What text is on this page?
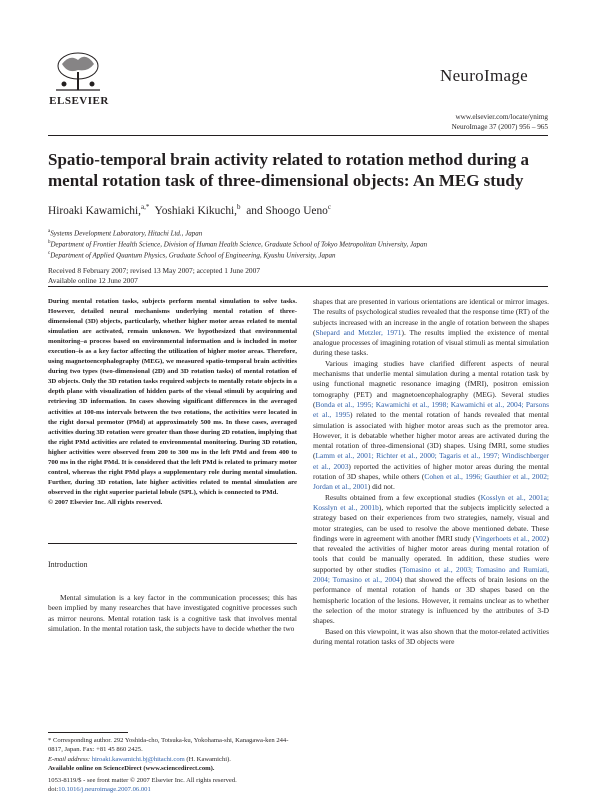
ELSEVIER
NeuroImage
www.elsevier.com/locate/ynimg
NeuroImage 37 (2007) 956 – 965
Spatio-temporal brain activity related to rotation method during a mental rotation task of three-dimensional objects: An MEG study
Hiroaki Kawamichi,$^{a,*}$ Yoshiaki Kikuchi,$^b$ and Shoogo Ueno$^c$
$^a$Systems Development Laboratory, Hitachi Ltd., Japan
$^b$Department of Frontier Health Science, Division of Human Health Science, Graduate School of Tokyo Metropolitan University, Japan
$^c$Department of Applied Quantum Physics, Graduate School of Engineering, Kyushu University, Japan
Received 8 February 2007; revised 13 May 2007; accepted 1 June 2007
Available online 12 June 2007

During mental rotation tasks, subjects perform mental simulation to solve tasks. However, detailed neural mechanisms underlying mental rotation of three-dimensional (3D) objects, particularly, whether higher motor areas related to mental simulation are activated, remain unknown. We hypothesized that environmental monitoring–a process based on environmental information and is included in motor execution–is as a key factor affecting the utilization of higher motor areas. Therefore, using magnetoencephalography (MEG), we measured spatio-temporal brain activities during two types (two-dimensional (2D) and 3D rotation tasks) of mental rotation of 3D objects. Only the 3D rotation tasks required subjects to mentally rotate objects in a depth plane with visualization of hidden parts of the visual stimuli by acquiring and retrieving 3D information. In cases showing significant differences in the averaged activities at 100-ms intervals between the two rotations, the activities were located in the right dorsal premotor (PMd) at approximately 500 ms. In these cases, averaged activities during 3D rotation were greater than those during 2D rotation, implying that the right PMd activities are related to environmental monitoring. During 3D rotation, higher activities were observed from 200 to 300 ms in the left PMd and from 400 to 700 ms in the right PMd. It is considered that the left PMd is related to primary motor control, whereas the right PMd plays a supplementary role during mental simulation. Further, during 3D rotation, late higher activities related to mental simulation are observed in the right superior parietal lobule (SPL), which is connected to PMd.

© 2007 Elsevier Inc. All rights reserved.

Introduction

Mental simulation is a key factor in the communication processes; this has been implied by many researches that have investigated cognitive processes such as mirror neurons. Mental rotation task is a cognitive task that involves mental simulation. In the mental rotation task, the subjects have to decide whether the two

shapes that are presented in various orientations are identical or mirror images. The results of psychological studies revealed that the response time (RT) of the subjects increased with an increase in the angle of rotation between the shapes (Shepard and Metzler, 1971). The results implied the existence of mental analogue processes of imagining rotation of visual stimuli as mental simulation during these tasks.

Various imaging studies have clarified different aspects of neural mechanisms that underlie mental simulation during a mental rotation task by using functional magnetic resonance imaging (fMRI), positron emission tomography (PET) and magnetoencephalography (MEG). Several studies (Bonda et al., 1995; Kawamichi et al., 1998; Kawamichi et al., 2004; Parsons et al., 1995) related to the mental rotation of hands revealed that mental simulation is associated with higher motor areas such as the premotor area. However, it is debatable whether higher motor areas are activated during the mental rotation of three-dimensional (3D) shapes. Using fMRI, some studies (Lamm et al., 2001; Richter et al., 2000; Tagaris et al., 1997; Windischberger et al., 2003) reported the activities of higher motor areas during the mental rotation of 3D shapes, while others (Cohen et al., 1996; Gauthier et al., 2002; Jordan et al., 2001) did not.

Results obtained from a few exceptional studies (Kosslyn et al., 2001a; Kosslyn et al., 2001b), which reported that the subjects implicitly selected a strategy based on their experiences from two strategies, namely, visual and motor strategies, can be used to resolve the above mentioned debate. These findings were in agreement with another fMRI study (Vingerhoets et al., 2002) that revealed the activities of higher motor areas during mental rotation of tools that could be manually operated. In addition, these studies were supported by other studies (Tomasino et al., 2003; Tomasino and Rumiati, 2004; Tomasino et al., 2004) that showed the effects of brain lesions on the performance of mental rotation of hands or 3D shapes based on the hemispheric location of the lesions. However, it remains unclear as to whether the selection of the motor strategy is influenced by the attributes of 3-D shapes.

Based on this viewpoint, it was also shown that the motor-related activities during mental rotation tasks of 3D objects were

* Corresponding author. 292 Yoshida-cho, Totsuka-ku, Yokohama-shi, Kanagawa-ken 244-0817, Japan. Fax: +81 45 860 2425.

E-mail address: hiroaki.kawamichi.bj@hitachi.com (H. Kawamichi).

Available online on ScienceDirect (www.sciencedirect.com).

1053-8119/$ - see front matter © 2007 Elsevier Inc. All rights reserved.

doi:10.1016/j.neuroimage.2007.06.001
